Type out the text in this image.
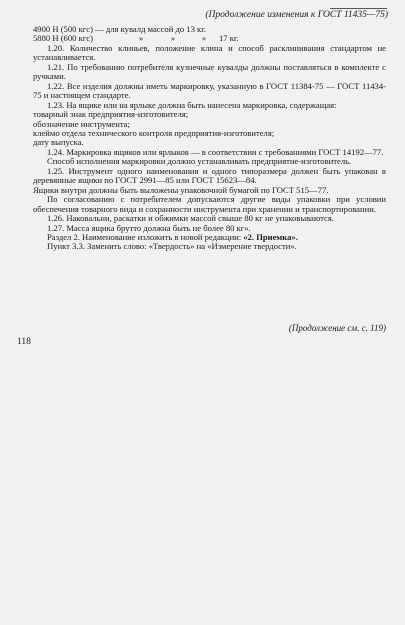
(Продолжение изменения к ГОСТ 11435—75)

4900 Н (500 кгс) — для кувалд массой до 13 кг.

5880 Н (600 кгс)	»	»	»	17 кг.

1.20. Количество клиньев, положение клина и способ расклинивания стандартом не устанавливается.

1.21. По требованию потребителя кузнечные кувалды должны поставляться в комплекте с ручками.

1.22. Все изделия должны иметь маркировку, указанную в ГОСТ 11384-75 — ГОСТ 11434-75 и настоящем стандарте.

1.23. На ящике или на ярлыке должна быть нанесена маркировка, содержащая:

товарный знак предприятия-изготовителя;

обозначение инструмента;

клеймо отдела технического контроля предприятия-изготовителя;

дату выпуска.

1.24. Маркировка ящиков или ярлыков — в соответствии с требованиями ГОСТ 14192—77.

Способ исполнения маркировки должно устанавливать предприятие-изготовитель.

1.25. Инструмент одного наименования и одного типоразмера должен быть упакован в деревянные ящики по ГОСТ 2991—85 или ГОСТ 15623—84.

Ящики внутри должны быть выложены упаковочной бумагой по ГОСТ 515—77.

По согласованию с потребителем допускаются другие виды упаковки при условии обеспечения товарного вида и сохранности инструмента при хранении и транспортировании.

1.26. Наковальни, раскатки и обжимки массой свыше 80 кг не упаковываются.

1.27. Масса ящика брутто должна быть не более 80 кг».

Раздел 2. Наименование изложить в новой редакции: «2. Приемка».

Пункт 3.3. Заменить слово: «Твердость» на «Измерение твердости».

(Продолжение см. с. 119)
118
